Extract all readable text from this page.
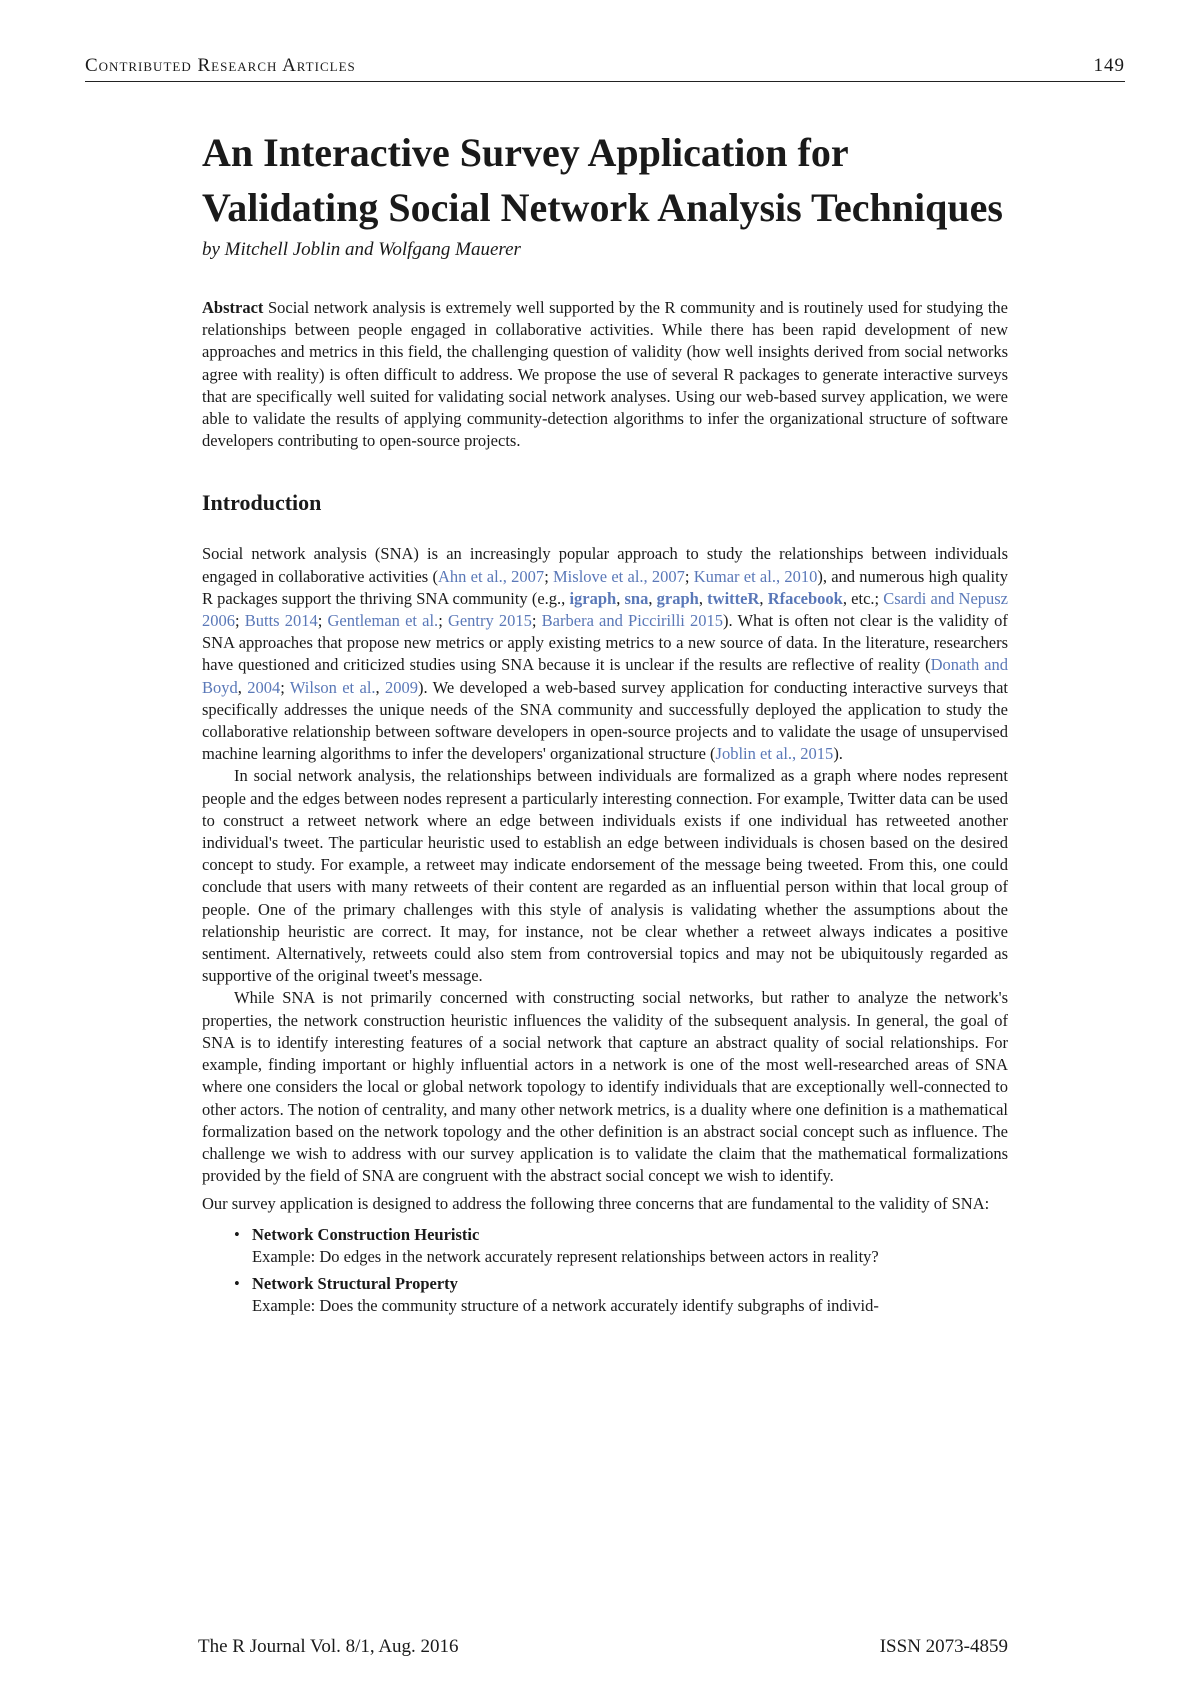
Contributed Research Articles	149
An Interactive Survey Application for Validating Social Network Analysis Techniques
by Mitchell Joblin and Wolfgang Mauerer
Abstract Social network analysis is extremely well supported by the R community and is routinely used for studying the relationships between people engaged in collaborative activities. While there has been rapid development of new approaches and metrics in this field, the challenging question of validity (how well insights derived from social networks agree with reality) is often difficult to address. We propose the use of several R packages to generate interactive surveys that are specifically well suited for validating social network analyses. Using our web-based survey application, we were able to validate the results of applying community-detection algorithms to infer the organizational structure of software developers contributing to open-source projects.
Introduction

Social network analysis (SNA) is an increasingly popular approach to study the relationships between individuals engaged in collaborative activities (Ahn et al., 2007; Mislove et al., 2007; Kumar et al., 2010), and numerous high quality R packages support the thriving SNA community (e.g., igraph, sna, graph, twitteR, Rfacebook, etc.; Csardi and Nepusz 2006; Butts 2014; Gentleman et al.; Gentry 2015; Barbera and Piccirilli 2015). What is often not clear is the validity of SNA approaches that propose new metrics or apply existing metrics to a new source of data. In the literature, researchers have questioned and criticized studies using SNA because it is unclear if the results are reflective of reality (Donath and Boyd, 2004; Wilson et al., 2009). We developed a web-based survey application for conducting interactive surveys that specifically addresses the unique needs of the SNA community and successfully deployed the application to study the collaborative relationship between software developers in open-source projects and to validate the usage of unsupervised machine learning algorithms to infer the developers' organizational structure (Joblin et al., 2015).

In social network analysis, the relationships between individuals are formalized as a graph where nodes represent people and the edges between nodes represent a particularly interesting connection. For example, Twitter data can be used to construct a retweet network where an edge between individuals exists if one individual has retweeted another individual's tweet. The particular heuristic used to establish an edge between individuals is chosen based on the desired concept to study. For example, a retweet may indicate endorsement of the message being tweeted. From this, one could conclude that users with many retweets of their content are regarded as an influential person within that local group of people. One of the primary challenges with this style of analysis is validating whether the assumptions about the relationship heuristic are correct. It may, for instance, not be clear whether a retweet always indicates a positive sentiment. Alternatively, retweets could also stem from controversial topics and may not be ubiquitously regarded as supportive of the original tweet's message.

While SNA is not primarily concerned with constructing social networks, but rather to analyze the network's properties, the network construction heuristic influences the validity of the subsequent analysis. In general, the goal of SNA is to identify interesting features of a social network that capture an abstract quality of social relationships. For example, finding important or highly influential actors in a network is one of the most well-researched areas of SNA where one considers the local or global network topology to identify individuals that are exceptionally well-connected to other actors. The notion of centrality, and many other network metrics, is a duality where one definition is a mathematical formalization based on the network topology and the other definition is an abstract social concept such as influence. The challenge we wish to address with our survey application is to validate the claim that the mathematical formalizations provided by the field of SNA are congruent with the abstract social concept we wish to identify.

Our survey application is designed to address the following three concerns that are fundamental to the validity of SNA:

• Network Construction Heuristic
Example: Do edges in the network accurately represent relationships between actors in reality?
• Network Structural Property
Example: Does the community structure of a network accurately identify subgraphs of individ-
The R Journal Vol. 8/1, Aug. 2016	ISSN 2073-4859
